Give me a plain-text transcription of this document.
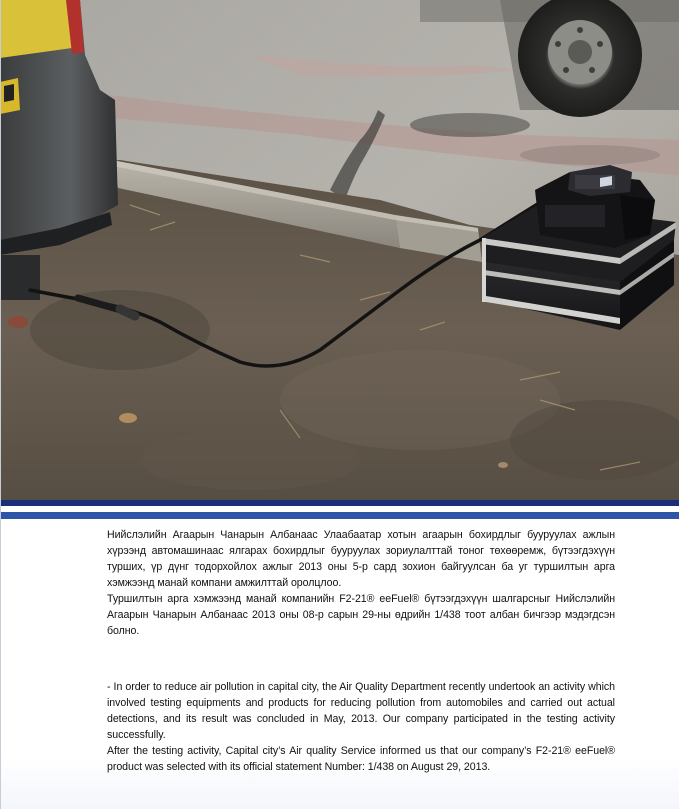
Нийслэлийн Агаарын Чанарын Албанаас Улаабаатар хотын агаарын бохирдлыг бууруулах ажлын хүрээнд автомашинаас ялгарах бохирдлыг бууруулах зориулалттай тоног төхөөремж, бүтээгдэхүүн турших, үр дүнг тодорхойлох ажлыг 2013 оны 5-р сард зохион байгуулсан ба уг туршилтын арга хэмжээнд манай компани амжилттай оролцлоо.

Туршилтын арга хэмжээнд манай компанийн F2-21® eeFuel® бүтээгдэхүүн шалгарсныг Нийслэлийн Агаарын Чанарын Албанаас 2013 оны 08-р сарын 29-ны өдрийн 1/438 тоот албан бичгээр мэдэгдсэн болно.

- In order to reduce air pollution in capital city, the Air Quality Department recently undertook an activity which involved testing equipments and products for reducing pollution from automobiles and carried out actual detections, and its result was concluded in May, 2013. Our company participated in the testing activity successfully.

After the testing activity, Capital city’s Air quality Service informed us that our company’s F2-21® eeFuel® product was selected with its official statement Number: 1/438 on August 29, 2013.
